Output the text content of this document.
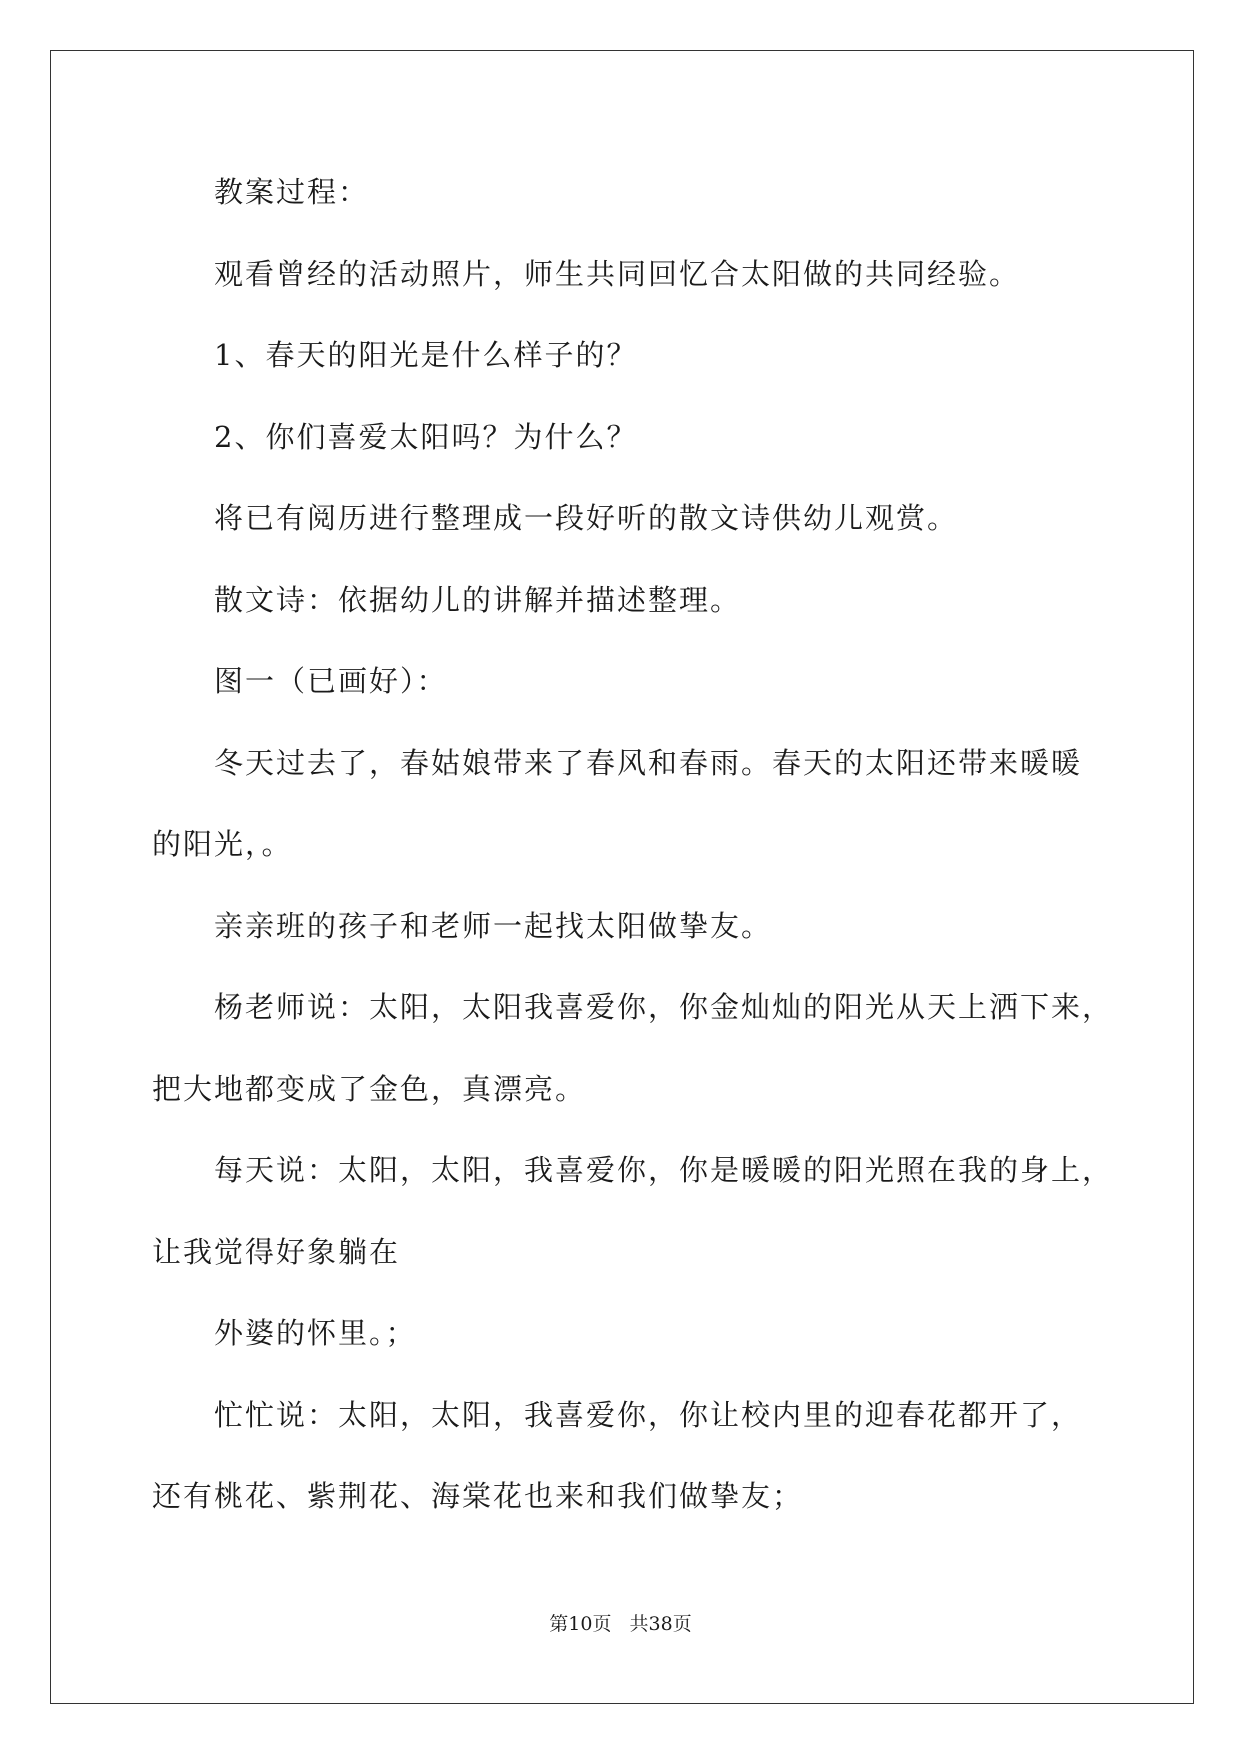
教案过程：
观看曾经的活动照片，师生共同回忆合太阳做的共同经验。
1、春天的阳光是什么样子的？
2、你们喜爱太阳吗？为什么？
将已有阅历进行整理成一段好听的散文诗供幼儿观赏。
散文诗：依据幼儿的讲解并描述整理。
图一（已画好）：
冬天过去了，春姑娘带来了春风和春雨。春天的太阳还带来暖暖
的阳光，。
亲亲班的孩子和老师一起找太阳做挚友。
杨老师说：太阳，太阳我喜爱你，你金灿灿的阳光从天上洒下来，
把大地都变成了金色，真漂亮。
每天说：太阳，太阳，我喜爱你，你是暖暖的阳光照在我的身上，
让我觉得好象躺在
外婆的怀里。；
忙忙说：太阳，太阳，我喜爱你，你让校内里的迎春花都开了，
还有桃花、紫荆花、海棠花也来和我们做挚友；
第10页 共38页
